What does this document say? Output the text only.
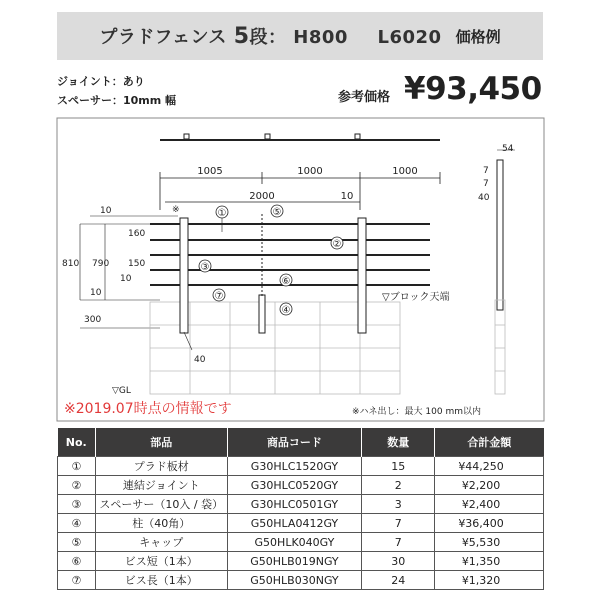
プラドフェンス 5段： H800 L6020 価格例
ジョイント：あり
スペーサー：10mm 幅	参考価格 ¥93,450
1005	1000	1000
2000	10
10	※
160
150
10
10
810 790
300
①
②
③
④
⑤
⑥
⑦	▽ブロック天端
40
▽GL
54
7
7
40
※2019.07時点の情報です	※ハネ出し：最大 100 mm以内
No.	部品	商品コード	数量	合計金額
①	プラド板材	G30HLC1520GY	15	¥44,250
②	連結ジョイント	G30HLC0520GY	2	¥2,200
③	スペーサー（10入 / 袋）	G30HLC0501GY	3	¥2,400
④	柱（40角）	G50HLA0412GY	7	¥36,400
⑤	キャップ	G50HLK040GY	7	¥5,530
⑥	ビス短（1本）	G50HLB019NGY	30	¥1,350
⑦	ビス長（1本）	G50HLB030NGY	24	¥1,320
